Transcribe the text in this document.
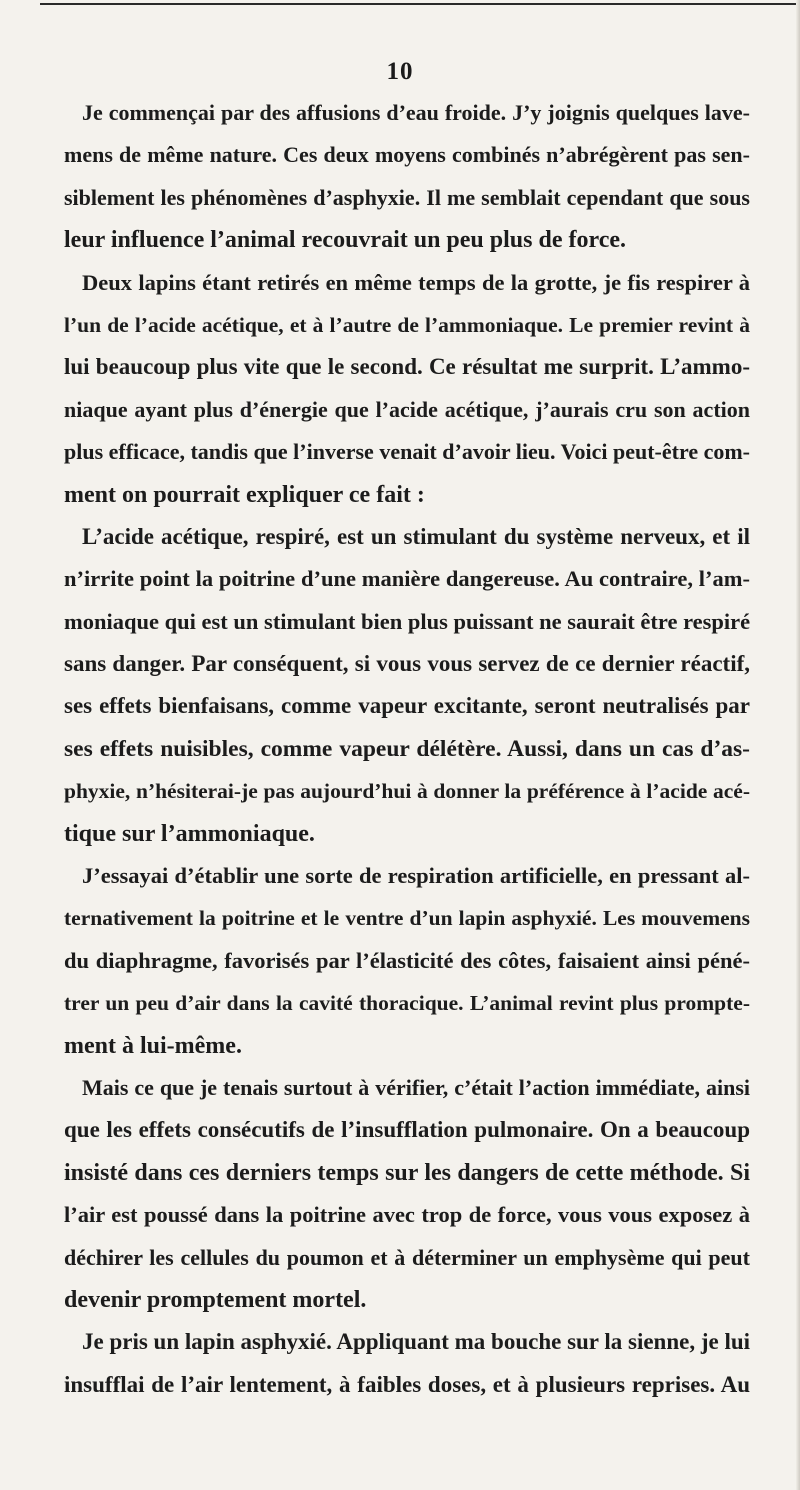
10
Je commençai par des affusions d’eau froide. J’y joignis quelques lave-
mens de même nature. Ces deux moyens combinés n’abrégèrent pas sen-
siblement les phénomènes d’asphyxie. Il me semblait cependant que sous
leur influence l’animal recouvrait un peu plus de force.
Deux lapins étant retirés en même temps de la grotte, je fis respirer à
l’un de l’acide acétique, et à l’autre de l’ammoniaque. Le premier revint à
lui beaucoup plus vite que le second. Ce résultat me surprit. L’ammo-
niaque ayant plus d’énergie que l’acide acétique, j’aurais cru son action
plus efficace, tandis que l’inverse venait d’avoir lieu. Voici peut-être com-
ment on pourrait expliquer ce fait :
L’acide acétique, respiré, est un stimulant du système nerveux, et il
n’irrite point la poitrine d’une manière dangereuse. Au contraire, l’am-
moniaque qui est un stimulant bien plus puissant ne saurait être respiré
sans danger. Par conséquent, si vous vous servez de ce dernier réactif,
ses effets bienfaisans, comme vapeur excitante, seront neutralisés par
ses effets nuisibles, comme vapeur délétère. Aussi, dans un cas d’as-
phyxie, n’hésiterai-je pas aujourd’hui à donner la préférence à l’acide acé-
tique sur l’ammoniaque.
J’essayai d’établir une sorte de respiration artificielle, en pressant al-
ternativement la poitrine et le ventre d’un lapin asphyxié. Les mouvemens
du diaphragme, favorisés par l’élasticité des côtes, faisaient ainsi péné-
trer un peu d’air dans la cavité thoracique. L’animal revint plus prompte-
ment à lui-même.
Mais ce que je tenais surtout à vérifier, c’était l’action immédiate, ainsi
que les effets consécutifs de l’insufflation pulmonaire. On a beaucoup
insisté dans ces derniers temps sur les dangers de cette méthode. Si
l’air est poussé dans la poitrine avec trop de force, vous vous exposez à
déchirer les cellules du poumon et à déterminer un emphysème qui peut
devenir promptement mortel.
Je pris un lapin asphyxié. Appliquant ma bouche sur la sienne, je lui
insufflai de l’air lentement, à faibles doses, et à plusieurs reprises. Au
